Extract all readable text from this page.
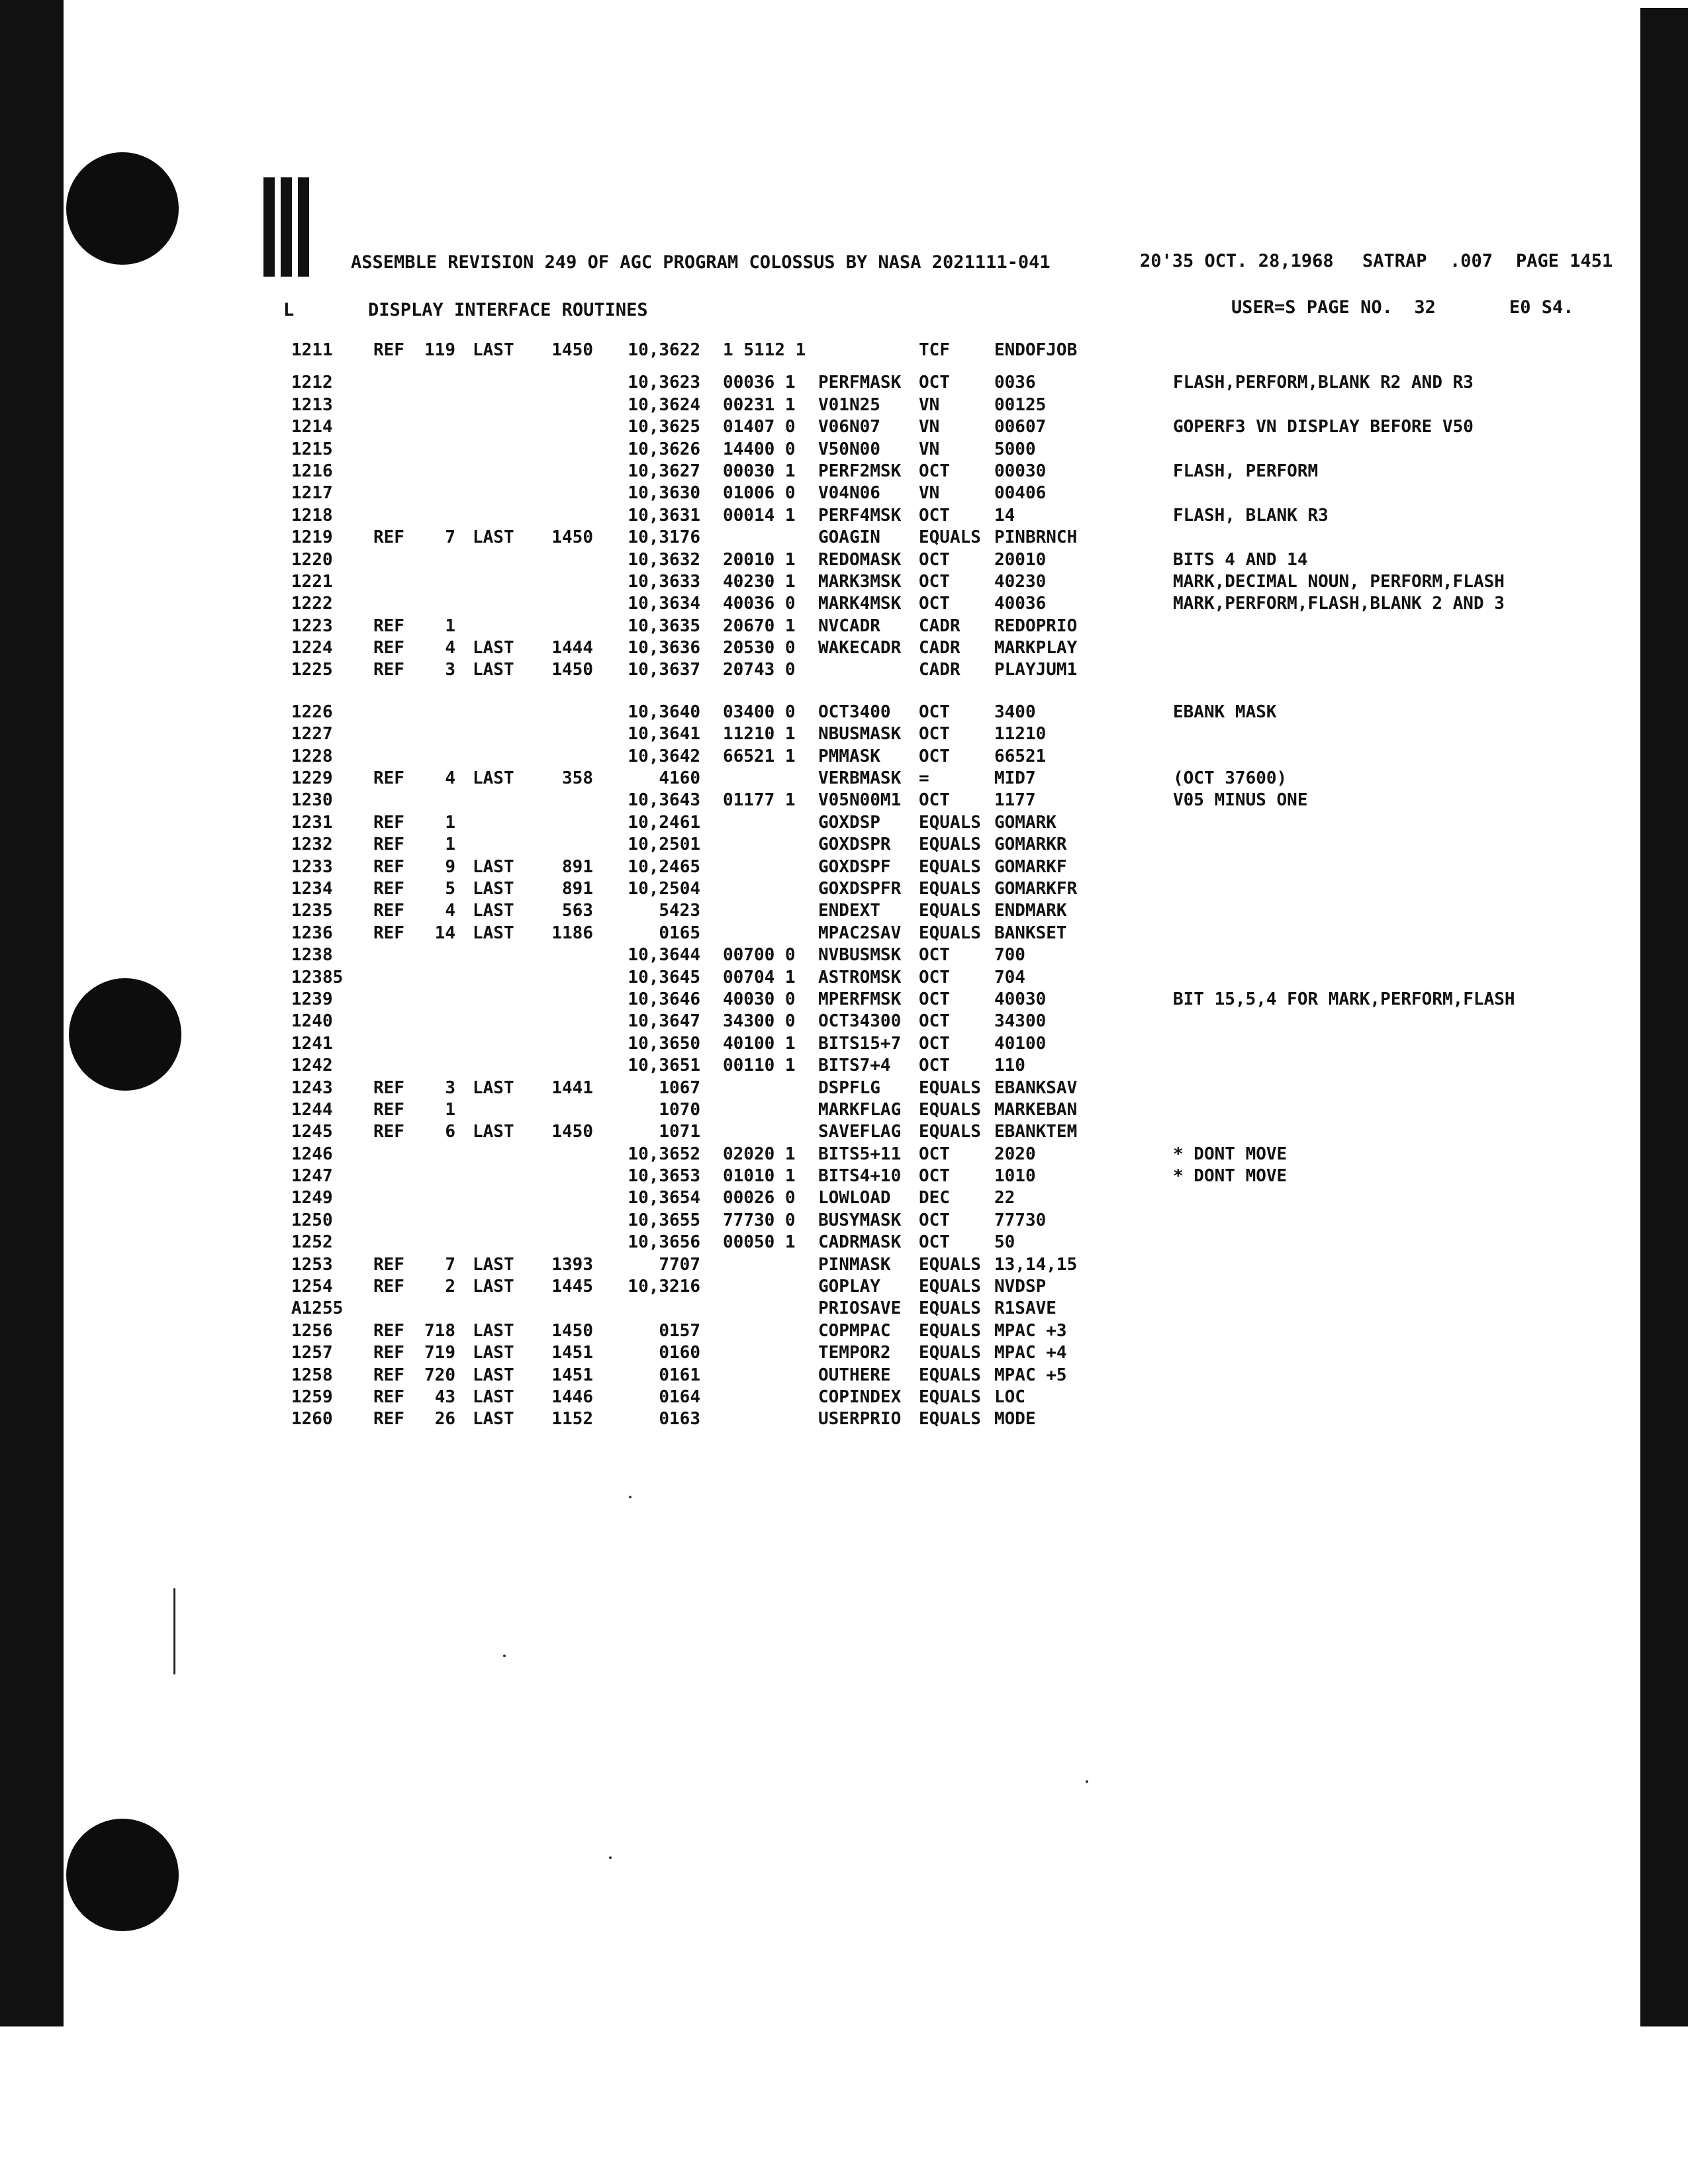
ASSEMBLE REVISION 249 OF AGC PROGRAM COLOSSUS BY NASA 2021111-041	20'35 OCT. 28,1968 SATRAP .007 PAGE 1451
L	DISPLAY INTERFACE ROUTINES	USER=S PAGE NO.  32	E0 S4.
1211 REF	119 LAST	1450	10,3622 1 5112 1	TCF	ENDOFJOB
1212	10,3623 00036 1 PERFMASK OCT	0036	FLASH,PERFORM,BLANK R2 AND R3
1213	10,3624 00231 1 V01N25 VN	00125
1214	10,3625 01407 0 V06N07 VN	00607	GOPERF3 VN DISPLAY BEFORE V50
1215	10,3626 14400 0 V50N00 VN	5000
1216	10,3627 00030 1 PERF2MSK OCT	00030	FLASH, PERFORM
1217	10,3630 01006 0 V04N06 VN	00406
1218	10,3631 00014 1 PERF4MSK OCT	14	FLASH, BLANK R3
1219 REF	7 LAST	1450	10,3176	GOAGIN EQUALS PINBRNCH
1220	10,3632 20010 1 REDOMASK OCT	20010	BITS 4 AND 14
1221	10,3633 40230 1 MARK3MSK OCT	40230	MARK,DECIMAL NOUN, PERFORM,FLASH
1222	10,3634 40036 0 MARK4MSK OCT	40036	MARK,PERFORM,FLASH,BLANK 2 AND 3
1223 REF	1	10,3635 20670 1 NVCADR CADR REDOPRIO
1224 REF	4 LAST	1444	10,3636 20530 0 WAKECADR CADR MARKPLAY
1225 REF	3 LAST	1450	10,3637 20743 0	CADR PLAYJUM1
1226	10,3640 03400 0 OCT3400 OCT	3400	EBANK MASK
1227	10,3641 11210 1 NBUSMASK OCT	11210
1228	10,3642 66521 1 PMMASK OCT	66521
1229 REF	4 LAST	358	4160	VERBMASK =	MID7	(OCT 37600)
1230	10,3643 01177 1 V05N00M1 OCT	1177	V05 MINUS ONE
1231 REF	1	10,2461	GOXDSP EQUALS GOMARK
1232 REF	1	10,2501	GOXDSPR EQUALS GOMARKR
1233 REF	9 LAST	891	10,2465	GOXDSPF EQUALS GOMARKF
1234 REF	5 LAST	891	10,2504	GOXDSPFR EQUALS GOMARKFR
1235 REF	4 LAST	563	5423	ENDEXT EQUALS ENDMARK
1236 REF	14 LAST	1186	0165	MPAC2SAV EQUALS BANKSET
1238	10,3644 00700 0 NVBUSMSK OCT	700
12385	10,3645 00704 1 ASTROMSK OCT	704
1239	10,3646 40030 0 MPERFMSK OCT	40030	BIT 15,5,4 FOR MARK,PERFORM,FLASH
1240	10,3647 34300 0 OCT34300 OCT	34300
1241	10,3650 40100 1 BITS15+7 OCT	40100
1242	10,3651 00110 1 BITS7+4 OCT	110
1243 REF	3 LAST	1441	1067	DSPFLG EQUALS EBANKSAV
1244 REF	1	1070	MARKFLAG EQUALS MARKEBAN
1245 REF	6 LAST	1450	1071	SAVEFLAG EQUALS EBANKTEM
1246	10,3652 02020 1 BITS5+11 OCT	2020	* DONT MOVE
1247	10,3653 01010 1 BITS4+10 OCT	1010	* DONT MOVE
1249	10,3654 00026 0 LOWLOAD DEC	22
1250	10,3655 77730 0 BUSYMASK OCT	77730
1252	10,3656 00050 1 CADRMASK OCT	50
1253 REF	7 LAST	1393	7707	PINMASK EQUALS 13,14,15
1254 REF	2 LAST	1445	10,3216	GOPLAY EQUALS NVDSP
A1255	PRIOSAVE EQUALS R1SAVE
1256 REF	718 LAST	1450	0157	COPMPAC EQUALS MPAC +3
1257 REF	719 LAST	1451	0160	TEMPOR2 EQUALS MPAC +4
1258 REF	720 LAST	1451	0161	OUTHERE EQUALS MPAC +5
1259 REF	43 LAST	1446	0164	COPINDEX EQUALS LOC
1260 REF	26 LAST	1152	0163	USERPRIO EQUALS MODE
